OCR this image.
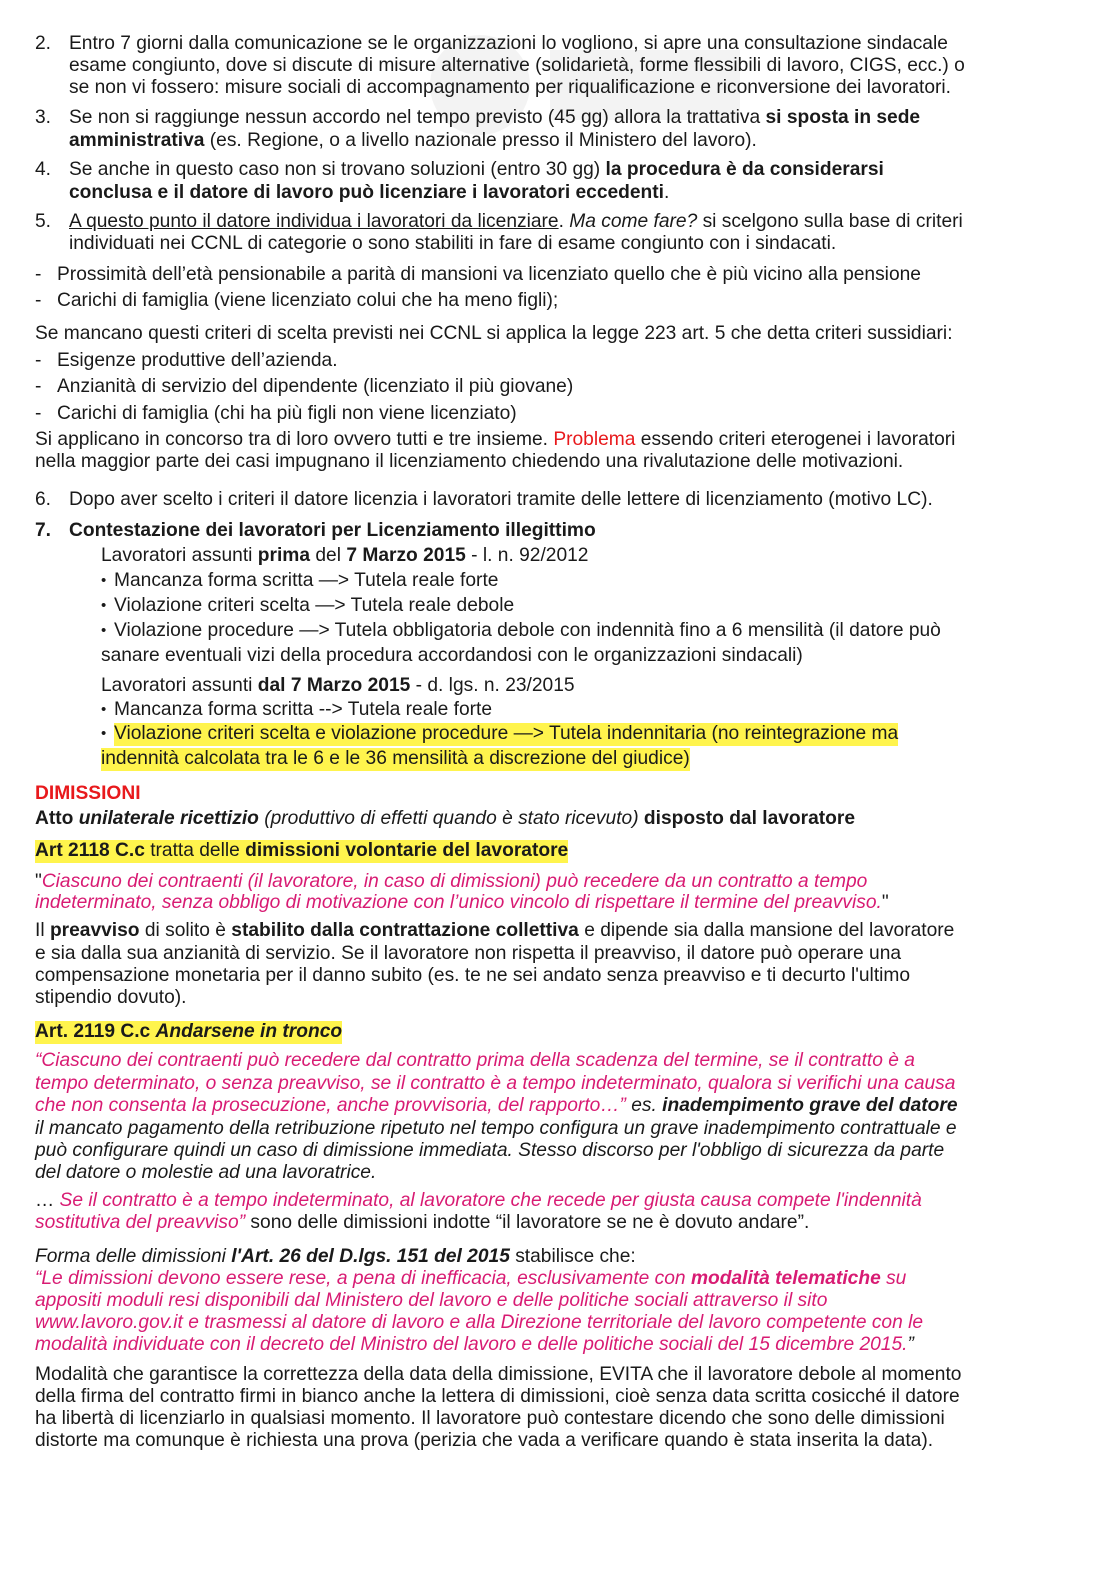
2. Entro 7 giorni dalla comunicazione se le organizzazioni lo vogliono, si apre una consultazione sindacale
esame congiunto, dove si discute di misure alternative (solidarietà, forme flessibili di lavoro, CIGS, ecc.) o
se non vi fossero: misure sociali di accompagnamento per riqualificazione e riconversione dei lavoratori.
3. Se non si raggiunge nessun accordo nel tempo previsto (45 gg) allora la trattativa si sposta in sede
amministrativa (es. Regione, o a livello nazionale presso il Ministero del lavoro).
4. Se anche in questo caso non si trovano soluzioni (entro 30 gg) la procedura è da considerarsi
conclusa e il datore di lavoro può licenziare i lavoratori eccedenti.
5. A questo punto il datore individua i lavoratori da licenziare. Ma come fare? si scelgono sulla base di criteri
individuati nei CCNL di categorie o sono stabiliti in fare di esame congiunto con i sindacati.
- Prossimità dell’età pensionabile a parità di mansioni va licenziato quello che è più vicino alla pensione
- Carichi di famiglia (viene licenziato colui che ha meno figli);
Se mancano questi criteri di scelta previsti nei CCNL si applica la legge 223 art. 5 che detta criteri sussidiari:
- Esigenze produttive dell’azienda.
- Anzianità di servizio del dipendente (licenziato il più giovane)
- Carichi di famiglia (chi ha più figli non viene licenziato)
Si applicano in concorso tra di loro ovvero tutti e tre insieme. Problema essendo criteri eterogenei i lavoratori
nella maggior parte dei casi impugnano il licenziamento chiedendo una rivalutazione delle motivazioni.
6. Dopo aver scelto i criteri il datore licenzia i lavoratori tramite delle lettere di licenziamento (motivo LC).
7. Contestazione dei lavoratori per Licenziamento illegittimo
Lavoratori assunti prima del 7 Marzo 2015 - l. n. 92/2012
• Mancanza forma scritta —> Tutela reale forte
• Violazione criteri scelta —> Tutela reale debole
• Violazione procedure —> Tutela obbligatoria debole con indennità fino a 6 mensilità (il datore può
sanare eventuali vizi della procedura accordandosi con le organizzazioni sindacali)
Lavoratori assunti dal 7 Marzo 2015 - d. lgs. n. 23/2015
• Mancanza forma scritta --> Tutela reale forte
• Violazione criteri scelta e violazione procedure —> Tutela indennitaria (no reintegrazione ma
indennità calcolata tra le 6 e le 36 mensilità a discrezione del giudice)
DIMISSIONI
Atto unilaterale ricettizio (produttivo di effetti quando è stato ricevuto) disposto dal lavoratore
Art 2118 C.c tratta delle dimissioni volontarie del lavoratore
"Ciascuno dei contraenti (il lavoratore, in caso di dimissioni) può recedere da un contratto a tempo
indeterminato, senza obbligo di motivazione con l’unico vincolo di rispettare il termine del preavviso."
Il preavviso di solito è stabilito dalla contrattazione collettiva e dipende sia dalla mansione del lavoratore
e sia dalla sua anzianità di servizio. Se il lavoratore non rispetta il preavviso, il datore può operare una
compensazione monetaria per il danno subito (es. te ne sei andato senza preavviso e ti decurto l'ultimo
stipendio dovuto).
Art. 2119 C.c Andarsene in tronco
“Ciascuno dei contraenti può recedere dal contratto prima della scadenza del termine, se il contratto è a
tempo determinato, o senza preavviso, se il contratto è a tempo indeterminato, qualora si verifichi una causa
che non consenta la prosecuzione, anche provvisoria, del rapporto…” es. inadempimento grave del datore
il mancato pagamento della retribuzione ripetuto nel tempo configura un grave inadempimento contrattuale e
può configurare quindi un caso di dimissione immediata. Stesso discorso per l'obbligo di sicurezza da parte
del datore o molestie ad una lavoratrice.
… Se il contratto è a tempo indeterminato, al lavoratore che recede per giusta causa compete l'indennità
sostitutiva del preavviso” sono delle dimissioni indotte “il lavoratore se ne è dovuto andare”.
Forma delle dimissioni l'Art. 26 del D.lgs. 151 del 2015 stabilisce che:
“Le dimissioni devono essere rese, a pena di inefficacia, esclusivamente con modalità telematiche su
appositi moduli resi disponibili dal Ministero del lavoro e delle politiche sociali attraverso il sito
www.lavoro.gov.it e trasmessi al datore di lavoro e alla Direzione territoriale del lavoro competente con le
modalità individuate con il decreto del Ministro del lavoro e delle politiche sociali del 15 dicembre 2015.”
Modalità che garantisce la correttezza della data della dimissione, EVITA che il lavoratore debole al momento
della firma del contratto firmi in bianco anche la lettera di dimissioni, cioè senza data scritta cosicché il datore
ha libertà di licenziarlo in qualsiasi momento. Il lavoratore può contestare dicendo che sono delle dimissioni
distorte ma comunque è richiesta una prova (perizia che vada a verificare quando è stata inserita la data).
